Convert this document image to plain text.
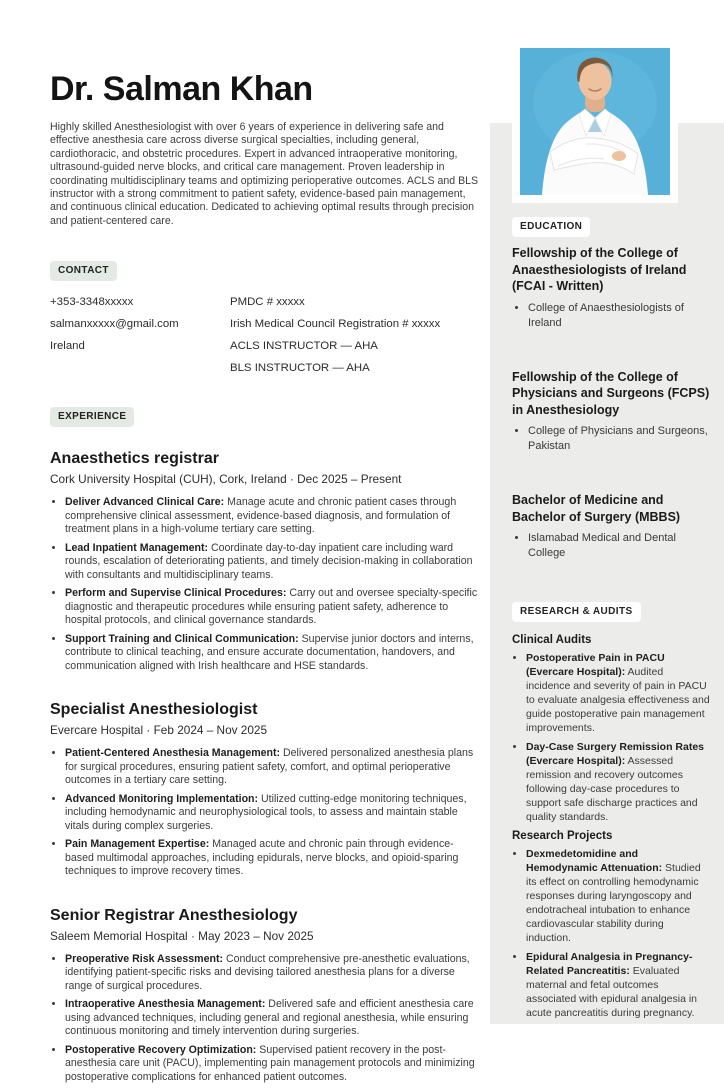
Dr. Salman Khan

Highly skilled Anesthesiologist with over 6 years of experience in delivering safe and effective anesthesia care across diverse surgical specialties, including general, cardiothoracic, and obstetric procedures. Expert in advanced intraoperative monitoring, ultrasound-guided nerve blocks, and critical care management. Proven leadership in coordinating multidisciplinary teams and optimizing perioperative outcomes. ACLS and BLS instructor with a strong commitment to patient safety, evidence-based pain management, and continuous clinical education. Dedicated to achieving optimal results through precision and patient-centered care.

CONTACT
+353-3348xxxxx
salmanxxxxx@gmail.com
Ireland
PMDC # xxxxx
Irish Medical Council Registration # xxxxx
ACLS INSTRUCTOR — AHA
BLS INSTRUCTOR — AHA
EXPERIENCE
Anaesthetics registrar

Cork University Hospital (CUH), Cork, Ireland · Dec 2025 – Present

• Deliver Advanced Clinical Care: Manage acute and chronic patient cases through comprehensive clinical assessment, evidence-based diagnosis, and formulation of treatment plans in a high-volume tertiary care setting.
• Lead Inpatient Management: Coordinate day-to-day inpatient care including ward rounds, escalation of deteriorating patients, and timely decision-making in collaboration with consultants and multidisciplinary teams.
• Perform and Supervise Clinical Procedures: Carry out and oversee specialty-specific diagnostic and therapeutic procedures while ensuring patient safety, adherence to hospital protocols, and clinical governance standards.
• Support Training and Clinical Communication: Supervise junior doctors and interns, contribute to clinical teaching, and ensure accurate documentation, handovers, and communication aligned with Irish healthcare and HSE standards.
Specialist Anesthesiologist

Evercare Hospital · Feb 2024 – Nov 2025

• Patient-Centered Anesthesia Management: Delivered personalized anesthesia plans for surgical procedures, ensuring patient safety, comfort, and optimal perioperative outcomes in a tertiary care setting.
• Advanced Monitoring Implementation: Utilized cutting-edge monitoring techniques, including hemodynamic and neurophysiological tools, to assess and maintain stable vitals during complex surgeries.
• Pain Management Expertise: Managed acute and chronic pain through evidence-based multimodal approaches, including epidurals, nerve blocks, and opioid-sparing techniques to improve recovery times.
Senior Registrar Anesthesiology

Saleem Memorial Hospital · May 2023 – Nov 2025

• Preoperative Risk Assessment: Conduct comprehensive pre-anesthetic evaluations, identifying patient-specific risks and devising tailored anesthesia plans for a diverse range of surgical procedures.
• Intraoperative Anesthesia Management: Delivered safe and efficient anesthesia care using advanced techniques, including general and regional anesthesia, while ensuring continuous monitoring and timely intervention during surgeries.
• Postoperative Recovery Optimization: Supervised patient recovery in the post-anesthesia care unit (PACU), implementing pain management protocols and minimizing postoperative complications for enhanced patient outcomes.
EDUCATION
Fellowship of the College of Anaesthesiologists of Ireland (FCAI - Written)
• College of Anaesthesiologists of Ireland
Fellowship of the College of Physicians and Surgeons (FCPS) in Anesthesiology
• College of Physicians and Surgeons, Pakistan
Bachelor of Medicine and Bachelor of Surgery (MBBS)
• Islamabad Medical and Dental College
RESEARCH & AUDITS
Clinical Audits
• Postoperative Pain in PACU (Evercare Hospital): Audited incidence and severity of pain in PACU to evaluate analgesia effectiveness and guide postoperative pain management improvements.
• Day-Case Surgery Remission Rates (Evercare Hospital): Assessed remission and recovery outcomes following day-case procedures to support safe discharge practices and quality standards.
Research Projects
• Dexmedetomidine and Hemodynamic Attenuation: Studied its effect on controlling hemodynamic responses during laryngoscopy and endotracheal intubation to enhance cardiovascular stability during induction.
• Epidural Analgesia in Pregnancy-Related Pancreatitis: Evaluated maternal and fetal outcomes associated with epidural analgesia in acute pancreatitis during pregnancy.
